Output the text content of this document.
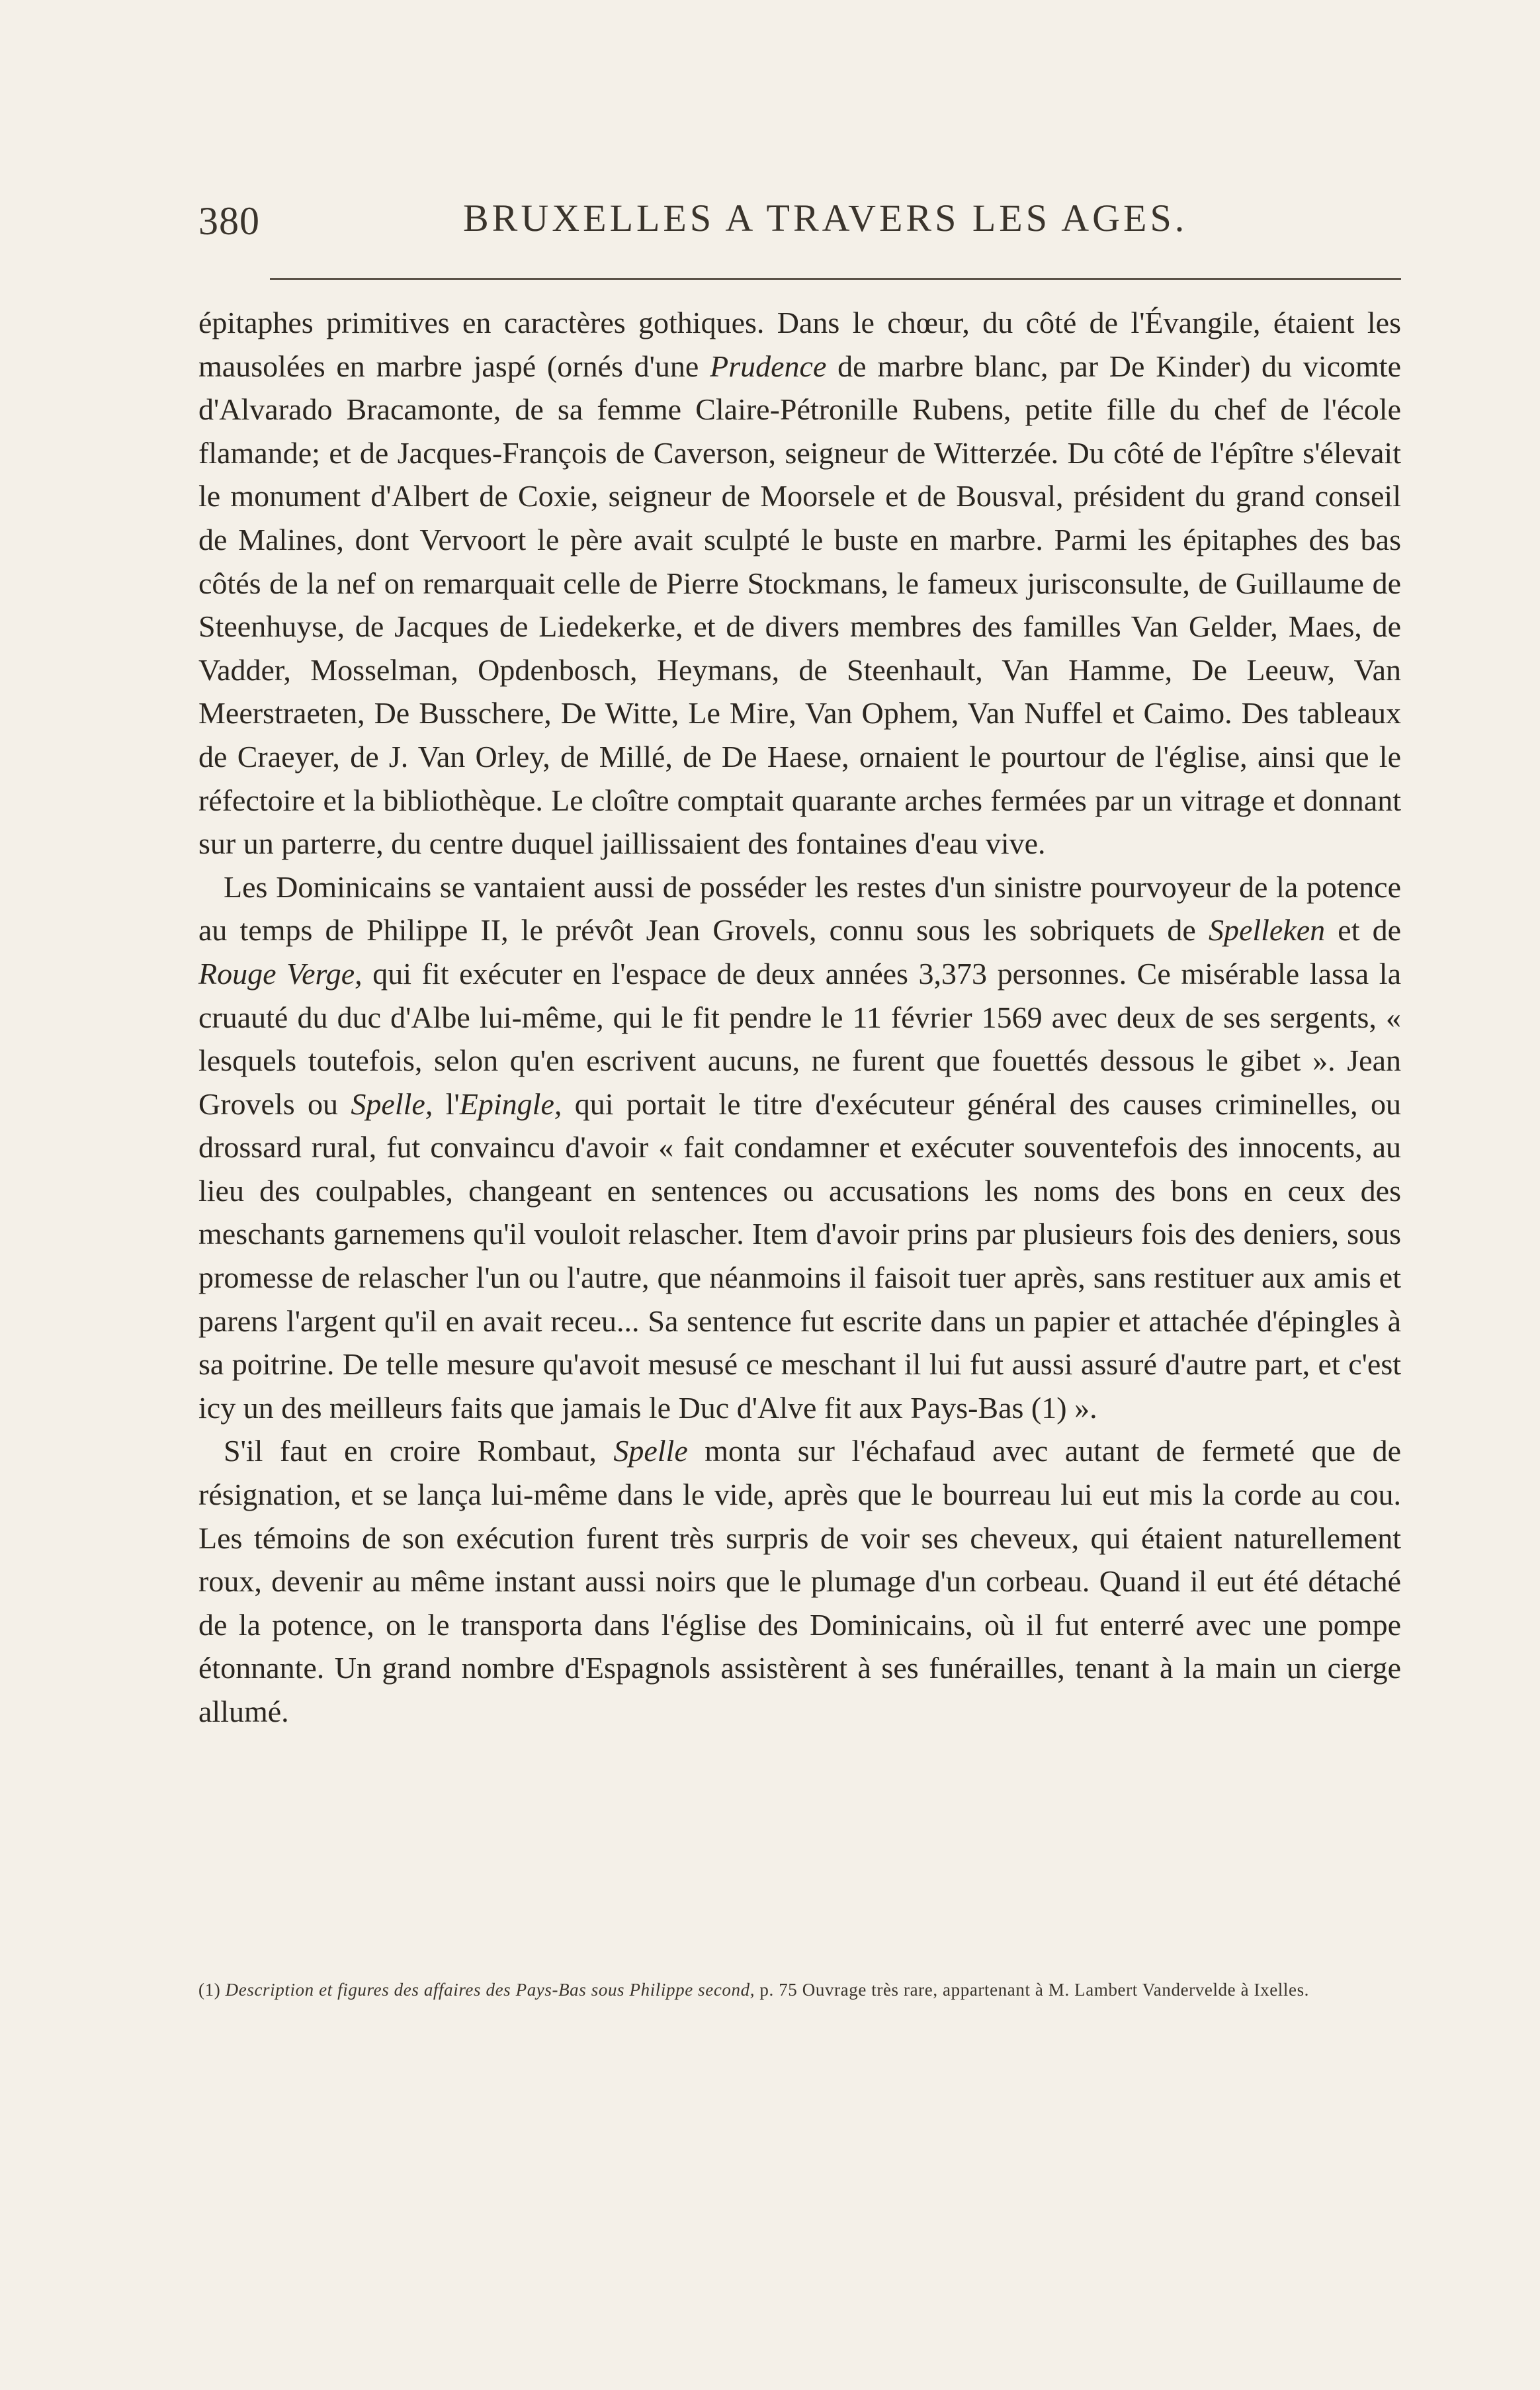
380	BRUXELLES A TRAVERS LES AGES.

épitaphes primitives en caractères gothiques. Dans le chœur, du côté de l'Évangile, étaient les mausolées en marbre jaspé (ornés d'une Prudence de marbre blanc, par De Kinder) du vicomte d'Alvarado Bracamonte, de sa femme Claire-Pétronille Rubens, petite fille du chef de l'école flamande; et de Jacques-François de Caverson, seigneur de Witterzée. Du côté de l'épître s'élevait le monument d'Albert de Coxie, seigneur de Moorsele et de Bousval, président du grand conseil de Malines, dont Vervoort le père avait sculpté le buste en marbre. Parmi les épitaphes des bas côtés de la nef on remarquait celle de Pierre Stockmans, le fameux jurisconsulte, de Guillaume de Steenhuyse, de Jacques de Liedekerke, et de divers membres des familles Van Gelder, Maes, de Vadder, Mosselman, Opdenbosch, Heymans, de Steenhault, Van Hamme, De Leeuw, Van Meerstraeten, De Busschere, De Witte, Le Mire, Van Ophem, Van Nuffel et Caimo. Des tableaux de Craeyer, de J. Van Orley, de Millé, de De Haese, ornaient le pourtour de l'église, ainsi que le réfectoire et la bibliothèque. Le cloître comptait quarante arches fermées par un vitrage et donnant sur un parterre, du centre duquel jaillissaient des fontaines d'eau vive.

Les Dominicains se vantaient aussi de posséder les restes d'un sinistre pourvoyeur de la potence au temps de Philippe II, le prévôt Jean Grovels, connu sous les sobriquets de Spelleken et de Rouge Verge, qui fit exécuter en l'espace de deux années 3,373 personnes. Ce misérable lassa la cruauté du duc d'Albe lui-même, qui le fit pendre le 11 février 1569 avec deux de ses sergents, « lesquels toutefois, selon qu'en escrivent aucuns, ne furent que fouettés dessous le gibet ». Jean Grovels ou Spelle, l'Epingle, qui portait le titre d'exécuteur général des causes criminelles, ou drossard rural, fut convaincu d'avoir « fait condamner et exécuter souventefois des innocents, au lieu des coulpables, changeant en sentences ou accusations les noms des bons en ceux des meschants garnemens qu'il vouloit relascher. Item d'avoir prins par plusieurs fois des deniers, sous promesse de relascher l'un ou l'autre, que néanmoins il faisoit tuer après, sans restituer aux amis et parens l'argent qu'il en avait receu... Sa sentence fut escrite dans un papier et attachée d'épingles à sa poitrine. De telle mesure qu'avoit mesusé ce meschant il lui fut aussi assuré d'autre part, et c'est icy un des meilleurs faits que jamais le Duc d'Alve fit aux Pays-Bas (1) ».

S'il faut en croire Rombaut, Spelle monta sur l'échafaud avec autant de fermeté que de résignation, et se lança lui-même dans le vide, après que le bourreau lui eut mis la corde au cou. Les témoins de son exécution furent très surpris de voir ses cheveux, qui étaient naturellement roux, devenir au même instant aussi noirs que le plumage d'un corbeau. Quand il eut été détaché de la potence, on le transporta dans l'église des Dominicains, où il fut enterré avec une pompe étonnante. Un grand nombre d'Espagnols assistèrent à ses funérailles, tenant à la main un cierge allumé.

(1) Description et figures des affaires des Pays-Bas sous Philippe second, p. 75 Ouvrage très rare, appartenant à M. Lambert Vandervelde à Ixelles.
